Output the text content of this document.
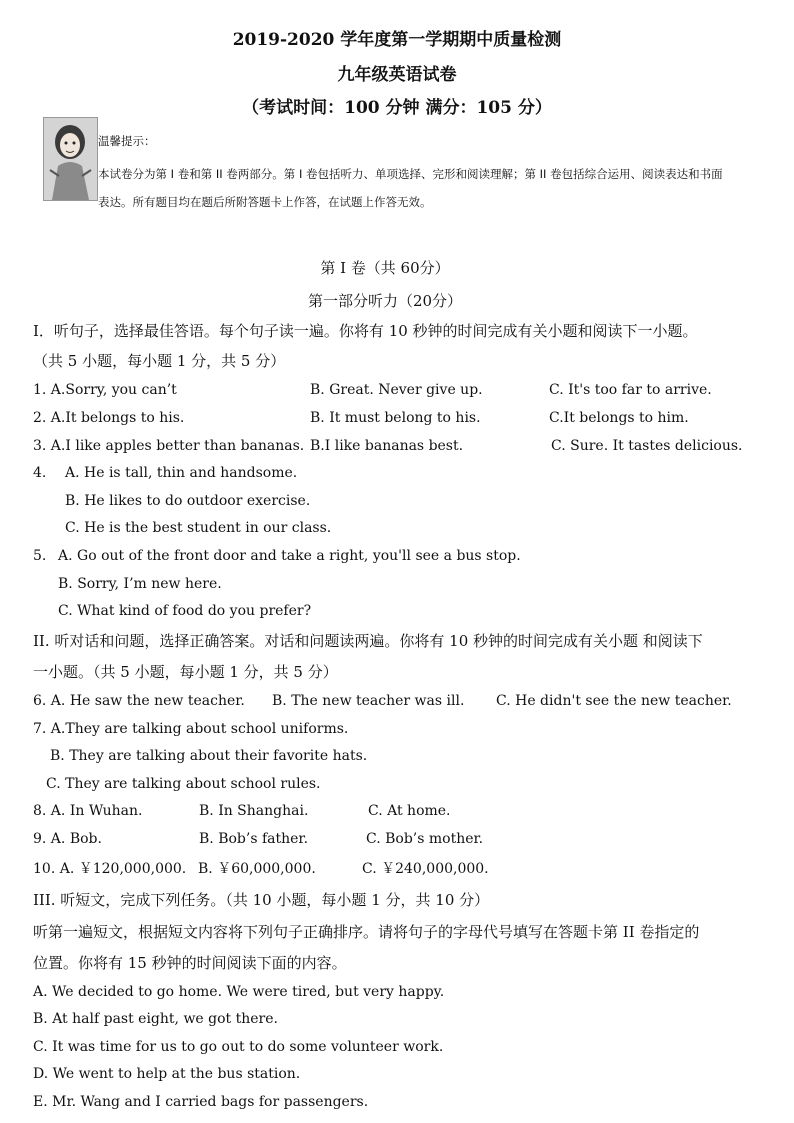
2019-2020 学年度第一学期期中质量检测
九年级英语试卷
（考试时间：100 分钟 满分：105 分）
温馨提示：
本试卷分为第 I 卷和第 II 卷两部分。第 I 卷包括听力、单项选择、完形和阅读理解；第 II 卷包括综合运用、阅读表达和书面
表达。所有题目均在题后所附答题卡上作答，在试题上作答无效。
第 I 卷（共 60分）
第一部分听力（20分）
I．听句子，选择最佳答语。每个句子读一遍。你将有 10 秒钟的时间完成有关小题和阅读下一小题。
（共 5 小题，每小题 1 分，共 5 分）
1. A.Sorry, you can’t	B. Great. Never give up.	C. It's too far to arrive.
2. A.It belongs to his.	B. It must belong to his.	C.It belongs to him.
3. A.I like apples better than bananas. B.I like bananas best.	C. Sure. It tastes delicious.
4. A. He is tall, thin and handsome.
B. He likes to do outdoor exercise.
C. He is the best student in our class.
5. A. Go out of the front door and take a right, you'll see a bus stop.
B. Sorry, I’m new here.
C. What kind of food do you prefer?
II. 听对话和问题，选择正确答案。对话和问题读两遍。你将有 10 秒钟的时间完成有关小题 和阅读下
一小题。（共 5 小题，每小题 1 分，共 5 分）
6. A. He saw the new teacher. B. The new teacher was ill. C. He didn't see the new teacher.
7. A.They are talking about school uniforms.
B. They are talking about their favorite hats.
C. They are talking about school rules.
8. A. In Wuhan.	B. In Shanghai.	C. At home.
9. A. Bob.	B. Bob’s father.	C. Bob’s mother.
10. A. ￥120,000,000. B. ￥60,000,000.	C. ￥240,000,000.
III. 听短文，完成下列任务。（共 10 小题，每小题 1 分，共 10 分）
听第一遍短文，根据短文内容将下列句子正确排序。请将句子的字母代号填写在答题卡第 II 卷指定的
位置。你将有 15 秒钟的时间阅读下面的内容。
A. We decided to go home. We were tired, but very happy.
B. At half past eight, we got there.
C. It was time for us to go out to do some volunteer work.
D. We went to help at the bus station.
E. Mr. Wang and I carried bags for passengers.
